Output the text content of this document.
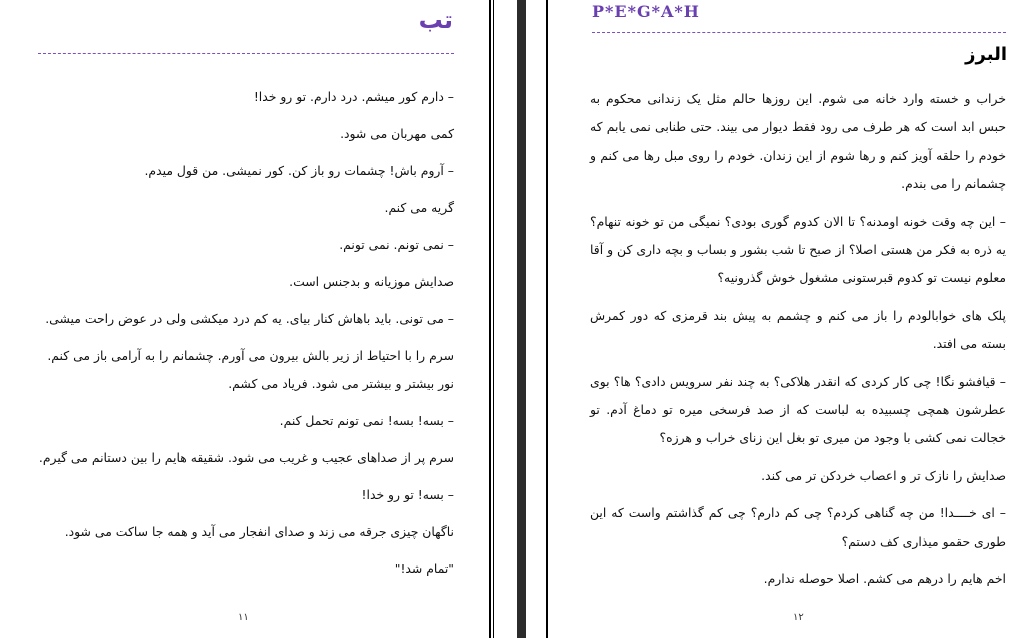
تب

– دارم کور میشم. درد دارم. تو رو خدا!

کمی مهربان می شود.

– آروم باش! چشمات رو باز کن. کور نمیشی. من قول میدم.

گریه می کنم.

– نمی تونم. نمی تونم.

صدایش موزیانه و بدجنس است.

– می تونی. باید باهاش کنار بیای. یه کم درد میکشی ولی در عوض راحت میشی.

سرم را با احتیاط از زیر بالش بیرون می آورم. چشمانم را به آرامی باز می کنم. نور بیشتر و بیشتر می شود. فریاد می کشم.

– بسه! بسه! نمی تونم تحمل کنم.

سرم پر از صداهای عجیب و غریب می شود. شقیقه هایم را بین دستانم می گیرم.

– بسه! تو رو خدا!

ناگهان چیزی جرقه می زند و صدای انفجار می آید و همه جا ساکت می شود.

"تمام شد!"

۱۱
P*E*G*A*H
البرز

خراب و خسته وارد خانه می شوم. این روزها حالم مثل یک زندانی محکوم به حبس ابد است که هر طرف می رود فقط دیوار می بیند. حتی طنابی نمی یابم که خودم را حلقه آویز کنم و رها شوم از این زندان. خودم را روی مبل رها می کنم و چشمانم را می بندم.

– این چه وقت خونه اومدنه؟ تا الان کدوم گوری بودی؟ نمیگی من تو خونه تنهام؟ یه ذره به فکر من هستی اصلا؟ از صبح تا شب بشور و بساب و بچه داری کن و آقا معلوم نیست تو کدوم قبرستونی مشغول خوش گذرونیه؟

پلک های خوابالودم را باز می کنم و چشمم به پیش بند قرمزی که دور کمرش بسته می افتد.

– قیافشو نگا! چی کار کردی که انقدر هلاکی؟ به چند نفر سرویس دادی؟ ها؟ بوی عطرشون همچی چسبیده به لباست که از صد فرسخی میره تو دماغ آدم. تو خجالت نمی کشی با وجود من میری تو بغل این زنای خراب و هرزه؟

صدایش را نازک تر و اعصاب خردکن تر می کند.

– ای خــــدا! من چه گناهی کردم؟ چی کم دارم؟ چی کم گذاشتم واست که این طوری حقمو میذاری کف دستم؟

اخم هایم را درهم می کشم. اصلا حوصله ندارم.

۱۲
